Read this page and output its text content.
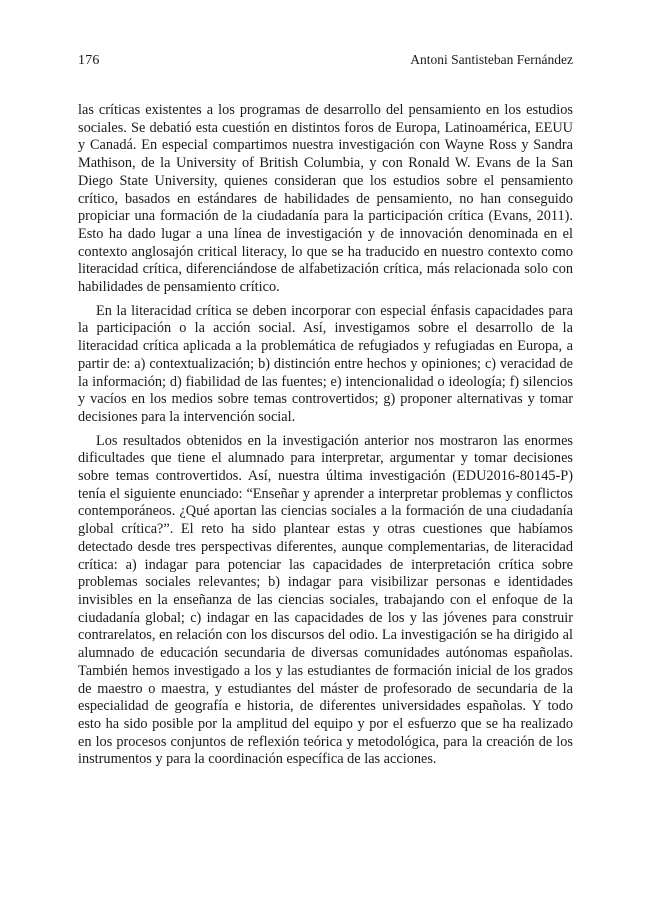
176	Antoni Santisteban Fernández

las críticas existentes a los programas de desarrollo del pensamiento en los estudios sociales. Se debatió esta cuestión en distintos foros de Europa, Latinoamérica, EEUU y Canadá. En especial compartimos nuestra investigación con Wayne Ross y Sandra Mathison, de la University of British Columbia, y con Ronald W. Evans de la San Diego State University, quienes consideran que los estudios sobre el pensamiento crítico, basados en estándares de habilidades de pensamiento, no han conseguido propiciar una formación de la ciudadanía para la participación crítica (Evans, 2011). Esto ha dado lugar a una línea de investigación y de innovación denominada en el contexto anglosajón critical literacy, lo que se ha traducido en nuestro contexto como literacidad crítica, diferenciándose de alfabetización crítica, más relacionada solo con habilidades de pensamiento crítico.

En la literacidad crítica se deben incorporar con especial énfasis capacidades para la participación o la acción social. Así, investigamos sobre el desarrollo de la literacidad crítica aplicada a la problemática de refugiados y refugiadas en Europa, a partir de: a) contextualización; b) distinción entre hechos y opiniones; c) veracidad de la información; d) fiabilidad de las fuentes; e) intencionalidad o ideología; f) silencios y vacíos en los medios sobre temas controvertidos; g) proponer alternativas y tomar decisiones para la intervención social.

Los resultados obtenidos en la investigación anterior nos mostraron las enormes dificultades que tiene el alumnado para interpretar, argumentar y tomar decisiones sobre temas controvertidos. Así, nuestra última investigación (EDU2016-80145-P) tenía el siguiente enunciado: “Enseñar y aprender a interpretar problemas y conflictos contemporáneos. ¿Qué aportan las ciencias sociales a la formación de una ciudadanía global crítica?”. El reto ha sido plantear estas y otras cuestiones que habíamos detectado desde tres perspectivas diferentes, aunque complementarias, de literacidad crítica: a) indagar para potenciar las capacidades de interpretación crítica sobre problemas sociales relevantes; b) indagar para visibilizar personas e identidades invisibles en la enseñanza de las ciencias sociales, trabajando con el enfoque de la ciudadanía global; c) indagar en las capacidades de los y las jóvenes para construir contrarelatos, en relación con los discursos del odio. La investigación se ha dirigido al alumnado de educación secundaria de diversas comunidades autónomas españolas. También hemos investigado a los y las estudiantes de formación inicial de los grados de maestro o maestra, y estudiantes del máster de profesorado de secundaria de la especialidad de geografía e historia, de diferentes universidades españolas. Y todo esto ha sido posible por la amplitud del equipo y por el esfuerzo que se ha realizado en los procesos conjuntos de reflexión teórica y metodológica, para la creación de los instrumentos y para la coordinación específica de las acciones.
